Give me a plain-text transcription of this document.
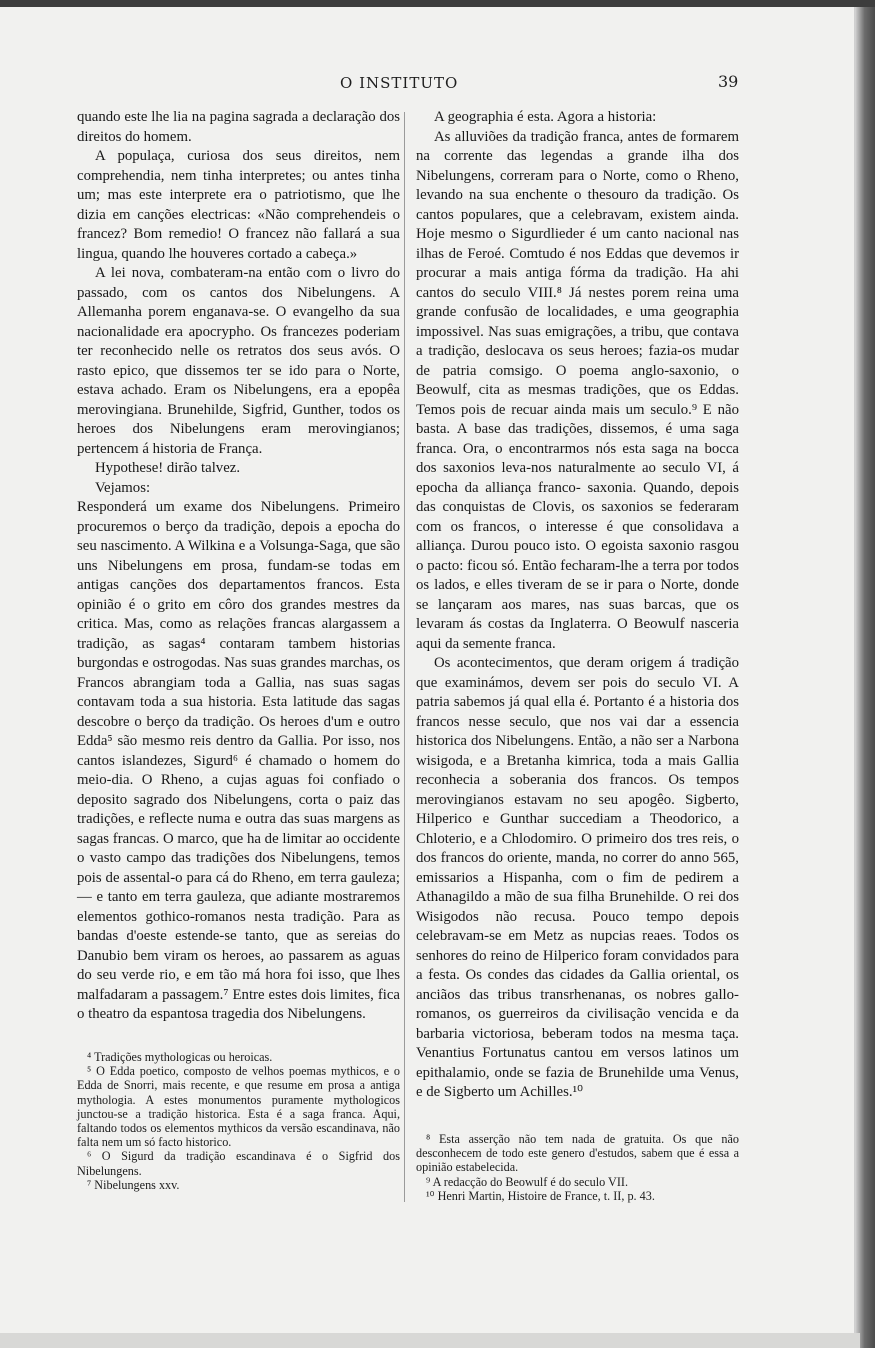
O INSTITUTO	39

quando este lhe lia na pagina sagrada a declaração dos direitos do homem.

A populaça, curiosa dos seus direitos, nem comprehendia, nem tinha interpretes; ou antes tinha um; mas este interprete era o patriotismo, que lhe dizia em canções electricas: «Não comprehendeis o francez? Bom remedio! O francez não fallará a sua lingua, quando lhe houveres cortado a cabeça.»

A lei nova, combateram-na então com o livro do passado, com os cantos dos Nibelungens. A Allemanha porem enganava-se. O evangelho da sua nacionalidade era apocrypho. Os francezes poderiam ter reconhecido nelle os retratos dos seus avós. O rasto epico, que dissemos ter se ido para o Norte, estava achado. Eram os Nibelungens, era a epopêa merovingiana. Brunehilde, Sigfrid, Gunther, todos os heroes dos Nibelungens eram merovingianos; pertencem á historia de França.

Hypothese! dirão talvez.

Vejamos:

Responderá um exame dos Nibelungens. Primeiro procuremos o berço da tradição, depois a epocha do seu nascimento. A Wilkina e a Volsunga-Saga, que são uns Nibelungens em prosa, fundam-se todas em antigas canções dos departamentos francos. Esta opinião é o grito em côro dos grandes mestres da critica. Mas, como as relações francas alargassem a tradição, as sagas⁴ contaram tambem historias burgondas e ostrogodas. Nas suas grandes marchas, os Francos abrangiam toda a Gallia, nas suas sagas contavam toda a sua historia. Esta latitude das sagas descobre o berço da tradição. Os heroes d'um e outro Edda⁵ são mesmo reis dentro da Gallia. Por isso, nos cantos islandezes, Sigurd⁶ é chamado o homem do meio-dia. O Rheno, a cujas aguas foi confiado o deposito sagrado dos Nibelungens, corta o paiz das tradições, e reflecte numa e outra das suas margens as sagas francas. O marco, que ha de limitar ao occidente o vasto campo das tradições dos Nibelungens, temos pois de assental-o para cá do Rheno, em terra gauleza; — e tanto em terra gauleza, que adiante mostraremos elementos gothico-romanos nesta tradição. Para as bandas d'oeste estende-se tanto, que as sereias do Danubio bem viram os heroes, ao passarem as aguas do seu verde rio, e em tão má hora foi isso, que lhes malfadaram a passagem.⁷ Entre estes dois limites, fica o theatro da espantosa tragedia dos Nibelungens.

⁴ Tradições mythologicas ou heroicas.

⁵ O Edda poetico, composto de velhos poemas mythicos, e o Edda de Snorri, mais recente, e que resume em prosa a antiga mythologia. A estes monumentos puramente mythologicos junctou-se a tradição historica. Esta é a saga franca. Aqui, faltando todos os elementos mythicos da versão escandinava, não falta nem um só facto historico.

⁶ O Sigurd da tradição escandinava é o Sigfrid dos Nibelungens.

⁷ Nibelungens xxv.

A geographia é esta. Agora a historia:

As alluviões da tradição franca, antes de formarem na corrente das legendas a grande ilha dos Nibelungens, correram para o Norte, como o Rheno, levando na sua enchente o thesouro da tradição. Os cantos populares, que a celebravam, existem ainda. Hoje mesmo o Sigurdlieder é um canto nacional nas ilhas de Feroé. Comtudo é nos Eddas que devemos ir procurar a mais antiga fórma da tradição. Ha ahi cantos do seculo VIII.⁸ Já nestes porem reina uma grande confusão de localidades, e uma geographia impossivel. Nas suas emigrações, a tribu, que contava a tradição, deslocava os seus heroes; fazia-os mudar de patria comsigo. O poema anglo-saxonio, o Beowulf, cita as mesmas tradições, que os Eddas. Temos pois de recuar ainda mais um seculo.⁹ E não basta. A base das tradições, dissemos, é uma saga franca. Ora, o encontrarmos nós esta saga na bocca dos saxonios leva-nos naturalmente ao seculo VI, á epocha da alliança franco- saxonia. Quando, depois das conquistas de Clovis, os saxonios se federaram com os francos, o interesse é que consolidava a alliança. Durou pouco isto. O egoista saxonio rasgou o pacto: ficou só. Então fecharam-lhe a terra por todos os lados, e elles tiveram de se ir para o Norte, donde se lançaram aos mares, nas suas barcas, que os levaram ás costas da Inglaterra. O Beowulf nasceria aqui da semente franca.

Os acontecimentos, que deram origem á tradição que examinámos, devem ser pois do seculo VI. A patria sabemos já qual ella é. Portanto é a historia dos francos nesse seculo, que nos vai dar a essencia historica dos Nibelungens. Então, a não ser a Narbona wisigoda, e a Bretanha kimrica, toda a mais Gallia reconhecia a soberania dos francos. Os tempos merovingianos estavam no seu apogêo. Sigberto, Hilperico e Gunthar succediam a Theodorico, a Chloterio, e a Chlodomiro. O primeiro dos tres reis, o dos francos do oriente, manda, no correr do anno 565, emissarios a Hispanha, com o fim de pedirem a Athanagildo a mão de sua filha Brunehilde. O rei dos Wisigodos não recusa. Pouco tempo depois celebravam-se em Metz as nupcias reaes. Todos os senhores do reino de Hilperico foram convidados para a festa. Os condes das cidades da Gallia oriental, os anciãos das tribus transrhenanas, os nobres gallo-romanos, os guerreiros da civilisação vencida e da barbaria victoriosa, beberam todos na mesma taça. Venantius Fortunatus cantou em versos latinos um epithalamio, onde se fazia de Brunehilde uma Venus, e de Sigberto um Achilles.¹⁰

⁸ Esta asserção não tem nada de gratuita. Os que não desconhecem de todo este genero d'estudos, sabem que é essa a opinião estabelecida.

⁹ A redacção do Beowulf é do seculo VII.

¹⁰ Henri Martin, Histoire de France, t. II, p. 43.
